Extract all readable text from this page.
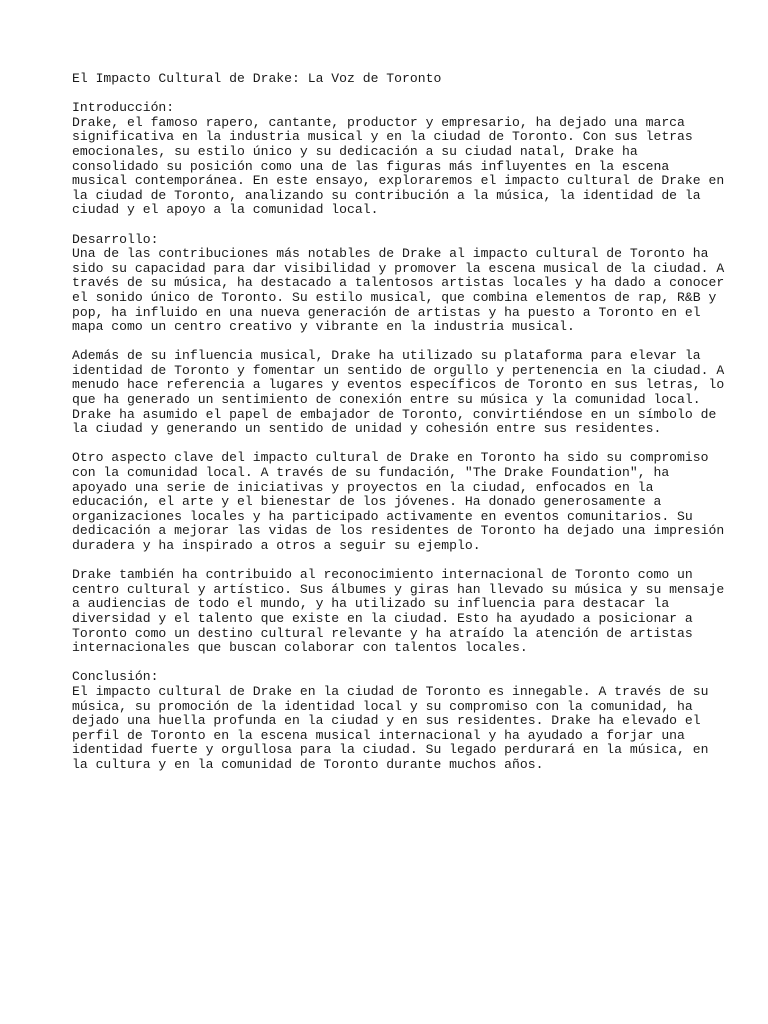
El Impacto Cultural de Drake: La Voz de Toronto
Introducción:
Drake, el famoso rapero, cantante, productor y empresario, ha dejado una marca
significativa en la industria musical y en la ciudad de Toronto. Con sus letras
emocionales, su estilo único y su dedicación a su ciudad natal, Drake ha
consolidado su posición como una de las figuras más influyentes en la escena
musical contemporánea. En este ensayo, exploraremos el impacto cultural de Drake en
la ciudad de Toronto, analizando su contribución a la música, la identidad de la
ciudad y el apoyo a la comunidad local.
Desarrollo:
Una de las contribuciones más notables de Drake al impacto cultural de Toronto ha
sido su capacidad para dar visibilidad y promover la escena musical de la ciudad. A
través de su música, ha destacado a talentosos artistas locales y ha dado a conocer
el sonido único de Toronto. Su estilo musical, que combina elementos de rap, R&B y
pop, ha influido en una nueva generación de artistas y ha puesto a Toronto en el
mapa como un centro creativo y vibrante en la industria musical.
Además de su influencia musical, Drake ha utilizado su plataforma para elevar la
identidad de Toronto y fomentar un sentido de orgullo y pertenencia en la ciudad. A
menudo hace referencia a lugares y eventos específicos de Toronto en sus letras, lo
que ha generado un sentimiento de conexión entre su música y la comunidad local.
Drake ha asumido el papel de embajador de Toronto, convirtiéndose en un símbolo de
la ciudad y generando un sentido de unidad y cohesión entre sus residentes.
Otro aspecto clave del impacto cultural de Drake en Toronto ha sido su compromiso
con la comunidad local. A través de su fundación, "The Drake Foundation", ha
apoyado una serie de iniciativas y proyectos en la ciudad, enfocados en la
educación, el arte y el bienestar de los jóvenes. Ha donado generosamente a
organizaciones locales y ha participado activamente en eventos comunitarios. Su
dedicación a mejorar las vidas de los residentes de Toronto ha dejado una impresión
duradera y ha inspirado a otros a seguir su ejemplo.
Drake también ha contribuido al reconocimiento internacional de Toronto como un
centro cultural y artístico. Sus álbumes y giras han llevado su música y su mensaje
a audiencias de todo el mundo, y ha utilizado su influencia para destacar la
diversidad y el talento que existe en la ciudad. Esto ha ayudado a posicionar a
Toronto como un destino cultural relevante y ha atraído la atención de artistas
internacionales que buscan colaborar con talentos locales.
Conclusión:
El impacto cultural de Drake en la ciudad de Toronto es innegable. A través de su
música, su promoción de la identidad local y su compromiso con la comunidad, ha
dejado una huella profunda en la ciudad y en sus residentes. Drake ha elevado el
perfil de Toronto en la escena musical internacional y ha ayudado a forjar una
identidad fuerte y orgullosa para la ciudad. Su legado perdurará en la música, en
la cultura y en la comunidad de Toronto durante muchos años.
